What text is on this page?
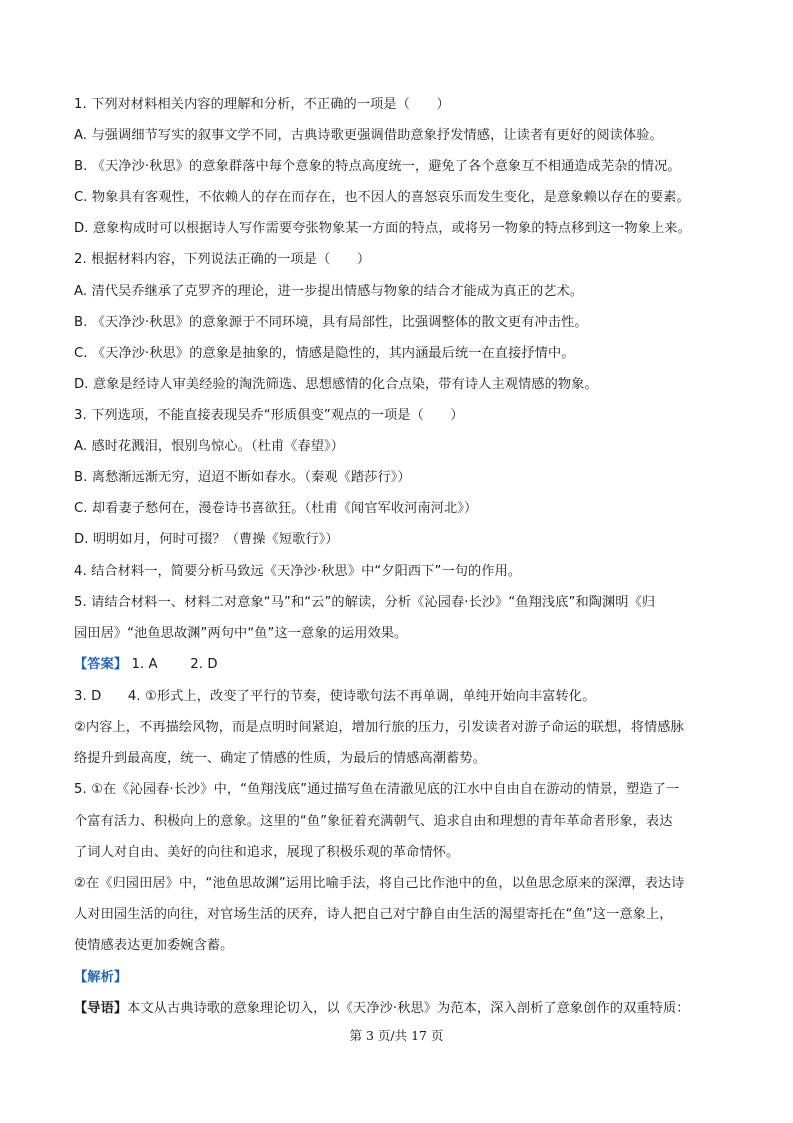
1. 下列对材料相关内容的理解和分析，不正确的一项是（　　）
A. 与强调细节写实的叙事文学不同，古典诗歌更强调借助意象抒发情感，让读者有更好的阅读体验。
B. 《天净沙·秋思》的意象群落中每个意象的特点高度统一，避免了各个意象互不相通造成芜杂的情况。
C. 物象具有客观性，不依赖人的存在而存在，也不因人的喜怒哀乐而发生变化，是意象赖以存在的要素。
D. 意象构成时可以根据诗人写作需要夸张物象某一方面的特点，或将另一物象的特点移到这一物象上来。
2. 根据材料内容，下列说法正确的一项是（　　）
A. 清代吴乔继承了克罗齐的理论，进一步提出情感与物象的结合才能成为真正的艺术。
B. 《天净沙·秋思》的意象源于不同环境，具有局部性，比强调整体的散文更有冲击性。
C. 《天净沙·秋思》的意象是抽象的，情感是隐性的，其内涵最后统一在直接抒情中。
D. 意象是经诗人审美经验的淘洗筛选、思想感情的化合点染，带有诗人主观情感的物象。
3. 下列选项，不能直接表现吴乔“形质俱变”观点的一项是（　　）
A. 感时花溅泪，恨别鸟惊心。（杜甫《春望》）
B. 离愁渐远渐无穷，迢迢不断如春水。（秦观《踏莎行》）
C. 却看妻子愁何在，漫卷诗书喜欲狂。（杜甫《闻官军收河南河北》）
D. 明明如月，何时可掇？（曹操《短歌行》）
4. 结合材料一，简要分析马致远《天净沙·秋思》中“夕阳西下”一句的作用。
5. 请结合材料一、材料二对意象“马”和“云”的解读，分析《沁园春·长沙》“鱼翔浅底”和陶渊明《归
园田居》“池鱼思故渊”两句中“鱼”这一意象的运用效果。
【答案】 1. A 2. D
3. D　　4. ①形式上，改变了平行的节奏，使诗歌句法不再单调，单纯开始向丰富转化。
②内容上，不再描绘风物，而是点明时间紧迫，增加行旅的压力，引发读者对游子命运的联想，将情感脉
络提升到最高度，统一、确定了情感的性质，为最后的情感高潮蓄势。
5. ①在《沁园春·长沙》中，“鱼翔浅底”通过描写鱼在清澈见底的江水中自由自在游动的情景，塑造了一
个富有活力、积极向上的意象。这里的“鱼”象征着充满朝气、追求自由和理想的青年革命者形象，表达
了词人对自由、美好的向往和追求，展现了积极乐观的革命情怀。
②在《归园田居》中，“池鱼思故渊”运用比喻手法，将自己比作池中的鱼，以鱼思念原来的深潭，表达诗
人对田园生活的向往，对官场生活的厌弃，诗人把自己对宁静自由生活的渴望寄托在“鱼”这一意象上，
使情感表达更加委婉含蓄。
【解析】
【导语】本文从古典诗歌的意象理论切入，以《天净沙·秋思》为范本，深入剖析了意象创作的双重特质：
第 3 页/共 17 页
